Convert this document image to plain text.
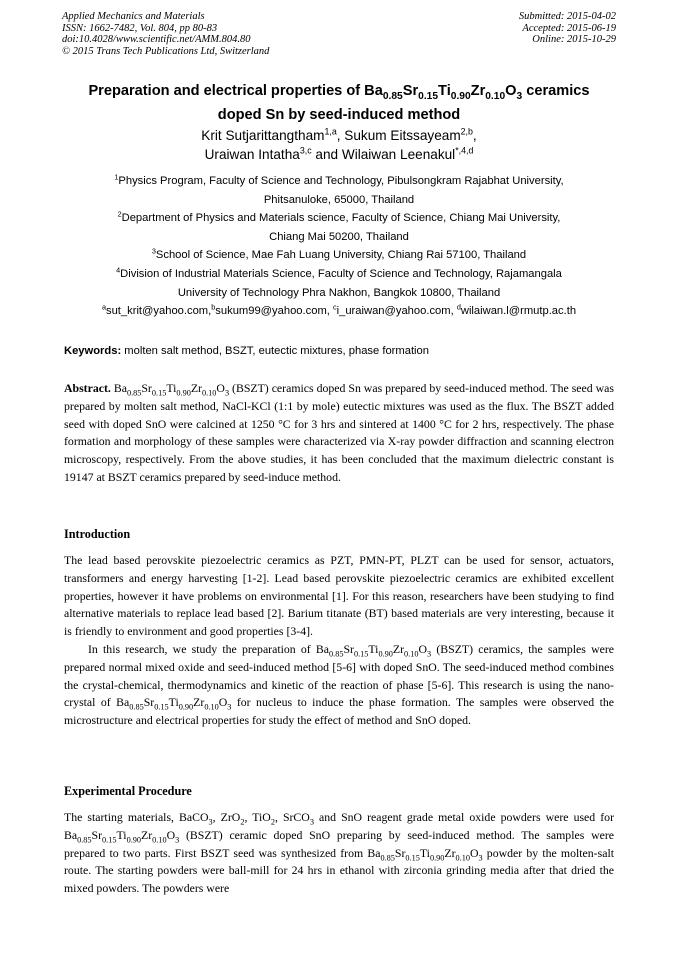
Applied Mechanics and Materials
ISSN: 1662-7482, Vol. 804, pp 80-83
doi:10.4028/www.scientific.net/AMM.804.80
© 2015 Trans Tech Publications Ltd, Switzerland
Submitted: 2015-04-02
Accepted: 2015-06-19
Online: 2015-10-29
Preparation and electrical properties of $Ba_{0.85}Sr_{0.15}Ti_{0.90}Zr_{0.10}O_3$ ceramics
doped Sn by seed-induced method
Krit Sutjarittangtham$^{1,a}$, Sukum Eitssayeam$^{2,b}$,
Uraiwan Intatha$^{3,c}$ and Wilaiwan Leenakul$^{*,4,d}$
$^1$Physics Program, Faculty of Science and Technology, Pibulsongkram Rajabhat University,
Phitsanuloke, 65000, Thailand
$^2$Department of Physics and Materials science, Faculty of Science, Chiang Mai University,
Chiang Mai 50200, Thailand
$^3$School of Science, Mae Fah Luang University, Chiang Rai 57100, Thailand
$^4$Division of Industrial Materials Science, Faculty of Science and Technology, Rajamangala
University of Technology Phra Nakhon, Bangkok 10800, Thailand
$^a$sut_krit@yahoo.com,$^b$sukum99@yahoo.com, $^c$i_uraiwan@yahoo.com, $^d$wilaiwan.l@rmutp.ac.th
Keywords: molten salt method, BSZT, eutectic mixtures, phase formation

Abstract. $Ba_{0.85}Sr_{0.15}Ti_{0.90}Zr_{0.10}O_3$ (BSZT) ceramics doped Sn was prepared by seed-induced method. The seed was prepared by molten salt method, NaCl-KCl (1:1 by mole) eutectic mixtures was used as the flux. The BSZT added seed with doped SnO were calcined at 1250 °C for 3 hrs and sintered at 1400 °C for 2 hrs, respectively. The phase formation and morphology of these samples were characterized via X-ray powder diffraction and scanning electron microscopy, respectively. From the above studies, it has been concluded that the maximum dielectric constant is 19147 at BSZT ceramics prepared by seed-induce method.

Introduction

The lead based perovskite piezoelectric ceramics as PZT, PMN-PT, PLZT can be used for sensor, actuators, transformers and energy harvesting [1-2]. Lead based perovskite piezoelectric ceramics are exhibited excellent properties, however it have problems on environmental [1]. For this reason, researchers have been studying to find alternative materials to replace lead based [2]. Barium titanate (BT) based materials are very interesting, because it is friendly to environment and good properties [3-4].

In this research, we study the preparation of $Ba_{0.85}Sr_{0.15}Ti_{0.90}Zr_{0.10}O_3$ (BSZT) ceramics, the samples were prepared normal mixed oxide and seed-induced method [5-6] with doped SnO. The seed-induced method combines the crystal-chemical, thermodynamics and kinetic of the reaction of phase [5-6]. This research is using the nano-crystal of $Ba_{0.85}Sr_{0.15}Ti_{0.90}Zr_{0.10}O_3$ for nucleus to induce the phase formation. The samples were observed the microstructure and electrical properties for study the effect of method and SnO doped.

Experimental Procedure

The starting materials, BaCO$_3$, ZrO$_2$, TiO$_2$, SrCO$_3$ and SnO reagent grade metal oxide powders were used for $Ba_{0.85}Sr_{0.15}Ti_{0.90}Zr_{0.10}O_3$ (BSZT) ceramic doped SnO preparing by seed-induced method. The samples were prepared to two parts. First BSZT seed was synthesized from $Ba_{0.85}Sr_{0.15}Ti_{0.90}Zr_{0.10}O_3$ powder by the molten-salt route. The starting powders were ball-mill for 24 hrs in ethanol with zirconia grinding media after that dried the mixed powders. The powders were
